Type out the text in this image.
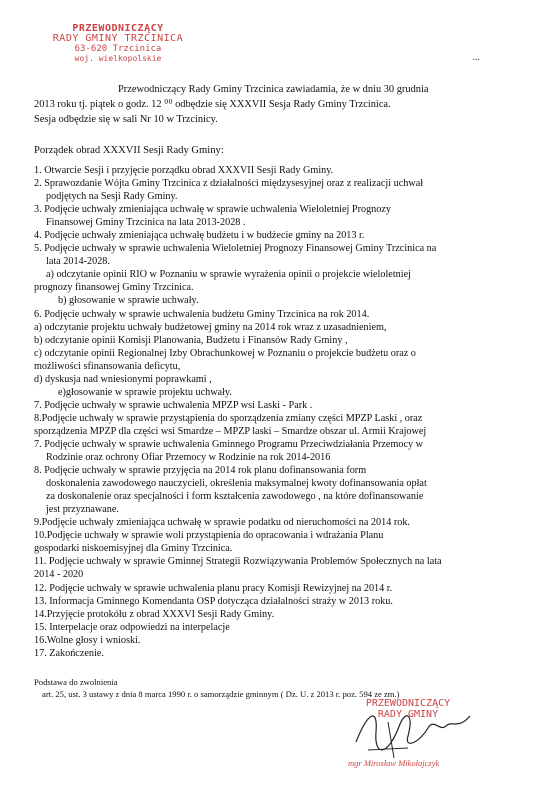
PRZEWODNICZĄCY
RADY GMINY TRZCINICA
63-620 Trzcinica
woj. wielkopolskie	...

Przewodniczący Rady Gminy Trzcinica zawiadamia, że w dniu 30 grudnia

2013 roku tj. piątek o godz. 12 ⁰⁰ odbędzie się XXXVII Sesja Rady Gminy Trzcinica.

Sesja odbędzie się w sali Nr 10 w Trzcinicy.

Porządek obrad XXXVII Sesji Rady Gminy:
1. Otwarcie Sesji i przyjęcie porządku obrad XXXVII Sesji Rady Gminy.
2. Sprawozdanie Wójta Gminy Trzcinica z działalności międzysesyjnej oraz z realizacji uchwał
podjętych na Sesji Rady Gminy.
3. Podjęcie uchwały zmieniająca uchwałę w sprawie uchwalenia Wieloletniej Prognozy
Finansowej Gminy Trzcinica na lata 2013-2028 .
4. Podjęcie uchwały zmieniająca uchwałę budżetu i w budżecie gminy na 2013 r.
5. Podjęcie uchwały w sprawie uchwalenia Wieloletniej Prognozy Finansowej Gminy Trzcinica na
lata 2014-2028.
a) odczytanie opinii RIO w Poznaniu w sprawie wyrażenia opinii o projekcie wieloletniej
prognozy finansowej Gminy Trzcinica.
b) głosowanie w sprawie uchwały.
6. Podjęcie uchwały w sprawie uchwalenia budżetu Gminy Trzcinica na rok 2014.
a) odczytanie projektu uchwały budżetowej gminy na 2014 rok wraz z uzasadnieniem,
b) odczytanie opinii Komisji Planowania, Budżetu i Finansów Rady Gminy ,
c) odczytanie opinii Regionalnej Izby Obrachunkowej w Poznaniu o projekcie budżetu oraz o
możliwości sfinansowania deficytu,
d) dyskusja nad wniesionymi poprawkami ,
e)głosowanie w sprawie projektu uchwały.
7. Podjęcie uchwały w sprawie uchwalenia MPZP wsi Laski - Park .
8.Podjęcie uchwały w sprawie przystąpienia do sporządzenia zmiany części MPZP Laski , oraz
sporządzenia MPZP dla części wsi Smardze – MPZP laski – Smardze obszar ul. Armii Krajowej
7. Podjęcie uchwały w sprawie uchwalenia Gminnego Programu Przeciwdziałania Przemocy w
Rodzinie oraz ochrony Ofiar Przemocy w Rodzinie na rok 2014-2016
8. Podjęcie uchwały w sprawie przyjęcia na 2014 rok planu dofinansowania form
doskonalenia zawodowego nauczycieli, określenia maksymalnej kwoty dofinansowania opłat
za doskonalenie oraz specjalności i form kształcenia zawodowego , na które dofinansowanie
jest przyznawane.
9.Podjęcie uchwały zmieniająca uchwałę w sprawie podatku od nieruchomości na 2014 rok.
10.Podjęcie uchwały w sprawie woli przystąpienia do opracowania i wdrażania Planu
gospodarki niskoemisyjnej dla Gminy Trzcinica.
11. Podjęcie uchwały w sprawie Gminnej Strategii Rozwiązywania Problemów Społecznych na lata
2014 - 2020
12. Podjęcie uchwały w sprawie uchwalenia planu pracy Komisji Rewizyjnej na 2014 r.
13. Informacja Gminnego Komendanta OSP dotycząca działalności straży w 2013 roku.
14.Przyjęcie protokółu z obrad XXXVI Sesji Rady Gminy.
15. Interpelacje oraz odpowiedzi na interpelacje
16.Wolne głosy i wnioski.
17. Zakończenie.
Podstawa do zwolnienia
art. 25, ust. 3 ustawy z dnia 8 marca 1990 r. o samorządzie gminnym ( Dz. U. z 2013 r. poz. 594 ze zm.)
PRZEWODNICZĄCY
RADY GMINY
mgr Mirosław Mikołajczyk
